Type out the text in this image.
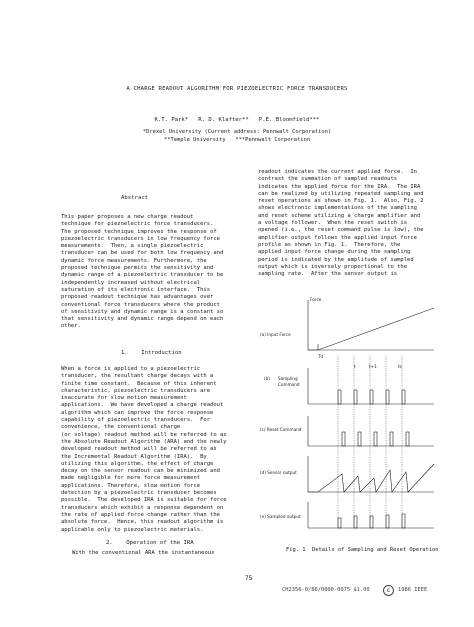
A CHARGE READOUT ALGORITHM FOR PIEZOELECTRIC FORCE TRANSDUCERS
K.T. Park*   R. D. Klafter**   P.E. Bloomfield***
*Drexel University (Current address: Pennwalt Corporation)
**Temple University   ***Pennwalt Corporation
Abstract
This paper proposes a new charge readout
technique for piezoelectric force transducers.
The proposed technique improves the response of
piezoelectric transducers in low frequency force
measurements.  Then, a single piezoelectric
transducer can be used for both low frequency and
dynamic force measurements. Furthermore, the
proposed technique permits the sensitivity and
dynamic range of a piezoelectric transducer to be
independently increased without electrical
saturation of its electronic interface.  This
proposed readout technique has advantages over
conventional force transducers where the product
of sensitivity and dynamic range is a constant so
that sensitivity and dynamic range depend on each
other.
1.    Introduction
When a force is applied to a piezoelectric
transducer, the resultant charge decays with a
finite time constant.  Because of this inherent
characteristic, piezoelectric transducers are
inaccurate for slow motion measurement
applications.  We have developed a charge readout
algorithm which can improve the force response
capability of piezoelectric transducers.  For
convenience, the conventional charge
(or voltage) readout method will be referred to as
the Absolute Readout Algorithm (ARA) and the newly
developed readout method will be referred to as
the Incremental Readout Algorithm (IRA).  By
utilizing this algorithm, the effect of charge
decay on the sensor readout can be minimized and
made negligible for more force measurement
applications. Therefore, slow motion force
detection by a piezoelectric transducer becomes
possible.  The developed IRA is suitable for force
transducers which exhibit a response dependent on
the rate of applied force change rather than the
absolute force.  Hence, this readout algorithm is
applicable only to piezoelectric materials.
2.    Operation of the IRA
With the conventional ARA the instantaneous
readout indicates the current applied force.  In
contrast the summation of sampled readouts
indicates the applied force for the IRA.  The IRA
can be realized by utilizing repeated sampling and
reset operations as shown in Fig. 1.  Also, Fig. 2
shows electronic implementations of the sampling
and reset scheme utilizing a charge amplifier and
a voltage follower.  When the reset switch is
opened (i.e., the reset command pulse is low), the
amplifier output follows the applied input force
profile as shown in Fig. 1.  Therefore, the
applied input force change during the sampling
period is indicated by the amplitude of sampled
output which is inversely proportional to the
sampling rate.  After the sensor output is
Force
(a) Input Force
(b) Sampling
Command
(c) Reset Command
(d) Sensor output
(e) Sampled output
Td
t	t+1	ts
Fig. 1  Details of Sampling and Reset Operation
75
CH2356-0/86/0000-0075 $1.00	c	1986 IEEE
